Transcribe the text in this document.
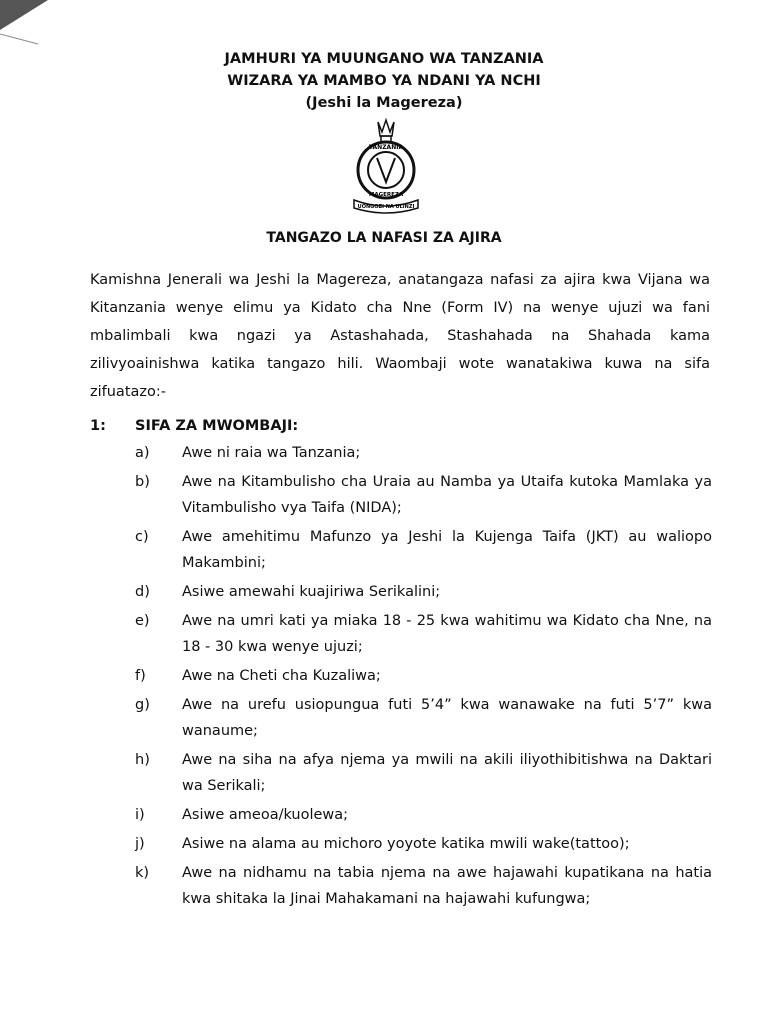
JAMHURI YA MUUNGANO WA TANZANIA
WIZARA YA MAMBO YA NDANI YA NCHI
(Jeshi la Magereza)
TANZANIA
MAGEREZA
UONGOZI NA ULINZI
TANGAZO LA NAFASI ZA AJIRA

Kamishna Jenerali wa Jeshi la Magereza, anatangaza nafasi za ajira kwa Vijana wa Kitanzania wenye elimu ya Kidato cha Nne (Form IV) na wenye ujuzi wa fani mbalimbali kwa ngazi ya Astashahada, Stashahada na Shahada kama zilivyoainishwa katika tangazo hili. Waombaji wote wanatakiwa kuwa na sifa zifuatazo:-

1:	SIFA ZA MWOMBAJI:
a)	Awe ni raia wa Tanzania;
b)	Awe na Kitambulisho cha Uraia au Namba ya Utaifa kutoka Mamlaka ya Vitambulisho vya Taifa (NIDA);
c)	Awe amehitimu Mafunzo ya Jeshi la Kujenga Taifa (JKT) au waliopo Makambini;
d)	Asiwe amewahi kuajiriwa Serikalini;
e)	Awe na umri kati ya miaka 18 - 25 kwa wahitimu wa Kidato cha Nne, na 18 - 30 kwa wenye ujuzi;
f)	Awe na Cheti cha Kuzaliwa;
g)	Awe na urefu usiopungua futi 5’4” kwa wanawake na futi 5’7” kwa wanaume;
h)	Awe na siha na afya njema ya mwili na akili iliyothibitishwa na Daktari wa Serikali;
i)	Asiwe ameoa/kuolewa;
j)	Asiwe na alama au michoro yoyote katika mwili wake(tattoo);
k)	Awe na nidhamu na tabia njema na awe hajawahi kupatikana na hatia kwa shitaka la Jinai Mahakamani na hajawahi kufungwa;
